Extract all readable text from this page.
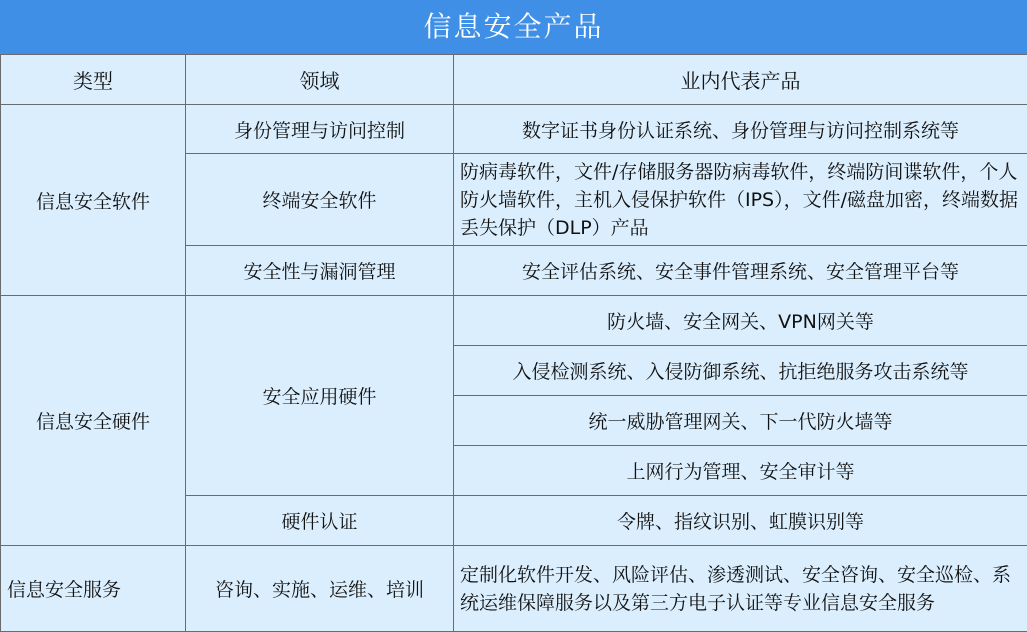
信息安全产品
类型	领域	业内代表产品
信息安全软件	身份管理与访问控制	数字证书身份认证系统、身份管理与访问控制系统等
	终端安全软件	防病毒软件，文件/存储服务器防病毒软件，终端防间谍软件，个人防火墙软件，主机入侵保护软件（IPS），文件/磁盘加密，终端数据丢失保护（DLP）产品
	安全性与漏洞管理	安全评估系统、安全事件管理系统、安全管理平台等
信息安全硬件	安全应用硬件	防火墙、安全网关、VPN网关等
		入侵检测系统、入侵防御系统、抗拒绝服务攻击系统等
		统一威胁管理网关、下一代防火墙等
		上网行为管理、安全审计等
	硬件认证	令牌、指纹识别、虹膜识别等
信息安全服务	咨询、实施、运维、培训	定制化软件开发、风险评估、渗透测试、安全咨询、安全巡检、系统运维保障服务以及第三方电子认证等专业信息安全服务
